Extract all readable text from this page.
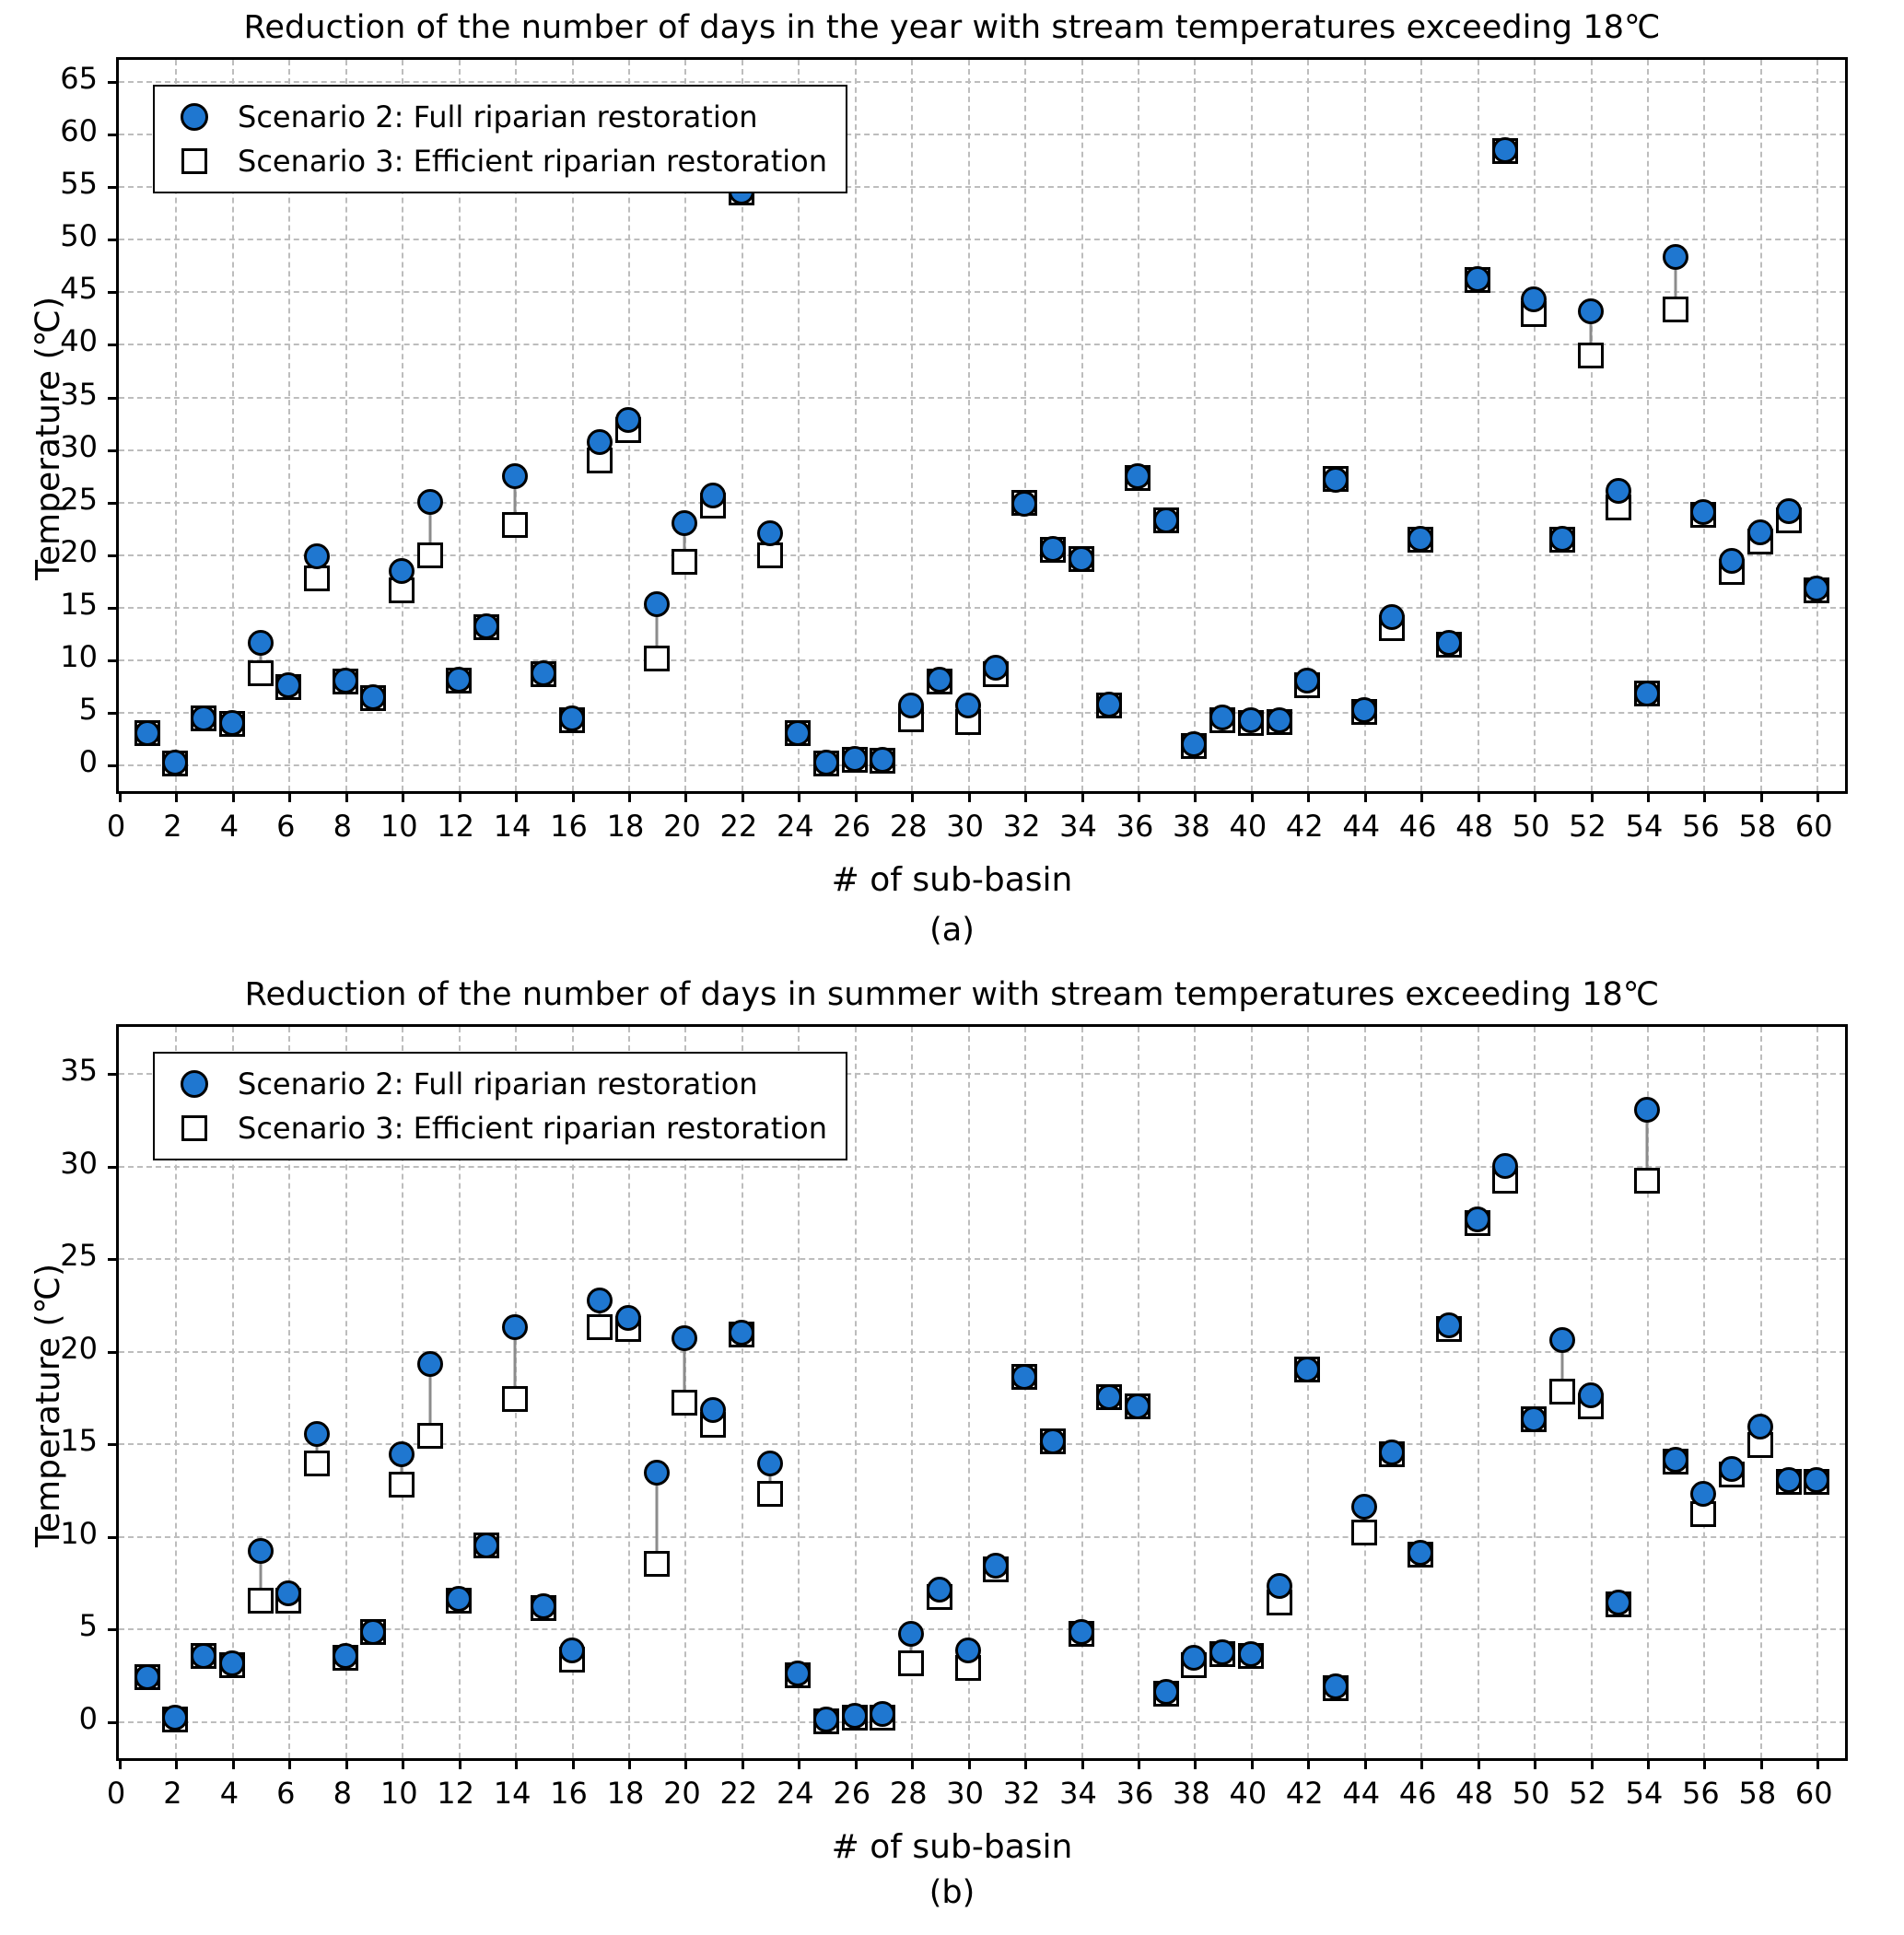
Reduction of the number of days in the year with stream temperatures exceeding 18℃
Temperature (℃)
# of sub-basin
(a)
Scenario 2: Full riparian restoration
Scenario 3: Efficient riparian restoration
0
5
10
15
20
25
30
35
40
45
50
55
60
65
0 2 4 6 8 10 12 14 16 18 20 22 24 26 28 30 32 34 36 38 40 42 44 46 48 50 52 54 56 58 60
Reduction of the number of days in summer with stream temperatures exceeding 18℃
Temperature (℃)
# of sub-basin
(b)
Scenario 2: Full riparian restoration
Scenario 3: Efficient riparian restoration
0
5
10
15
20
25
30
35
0 2 4 6 8 10 12 14 16 18 20 22 24 26 28 30 32 34 36 38 40 42 44 46 48 50 52 54 56 58 60
